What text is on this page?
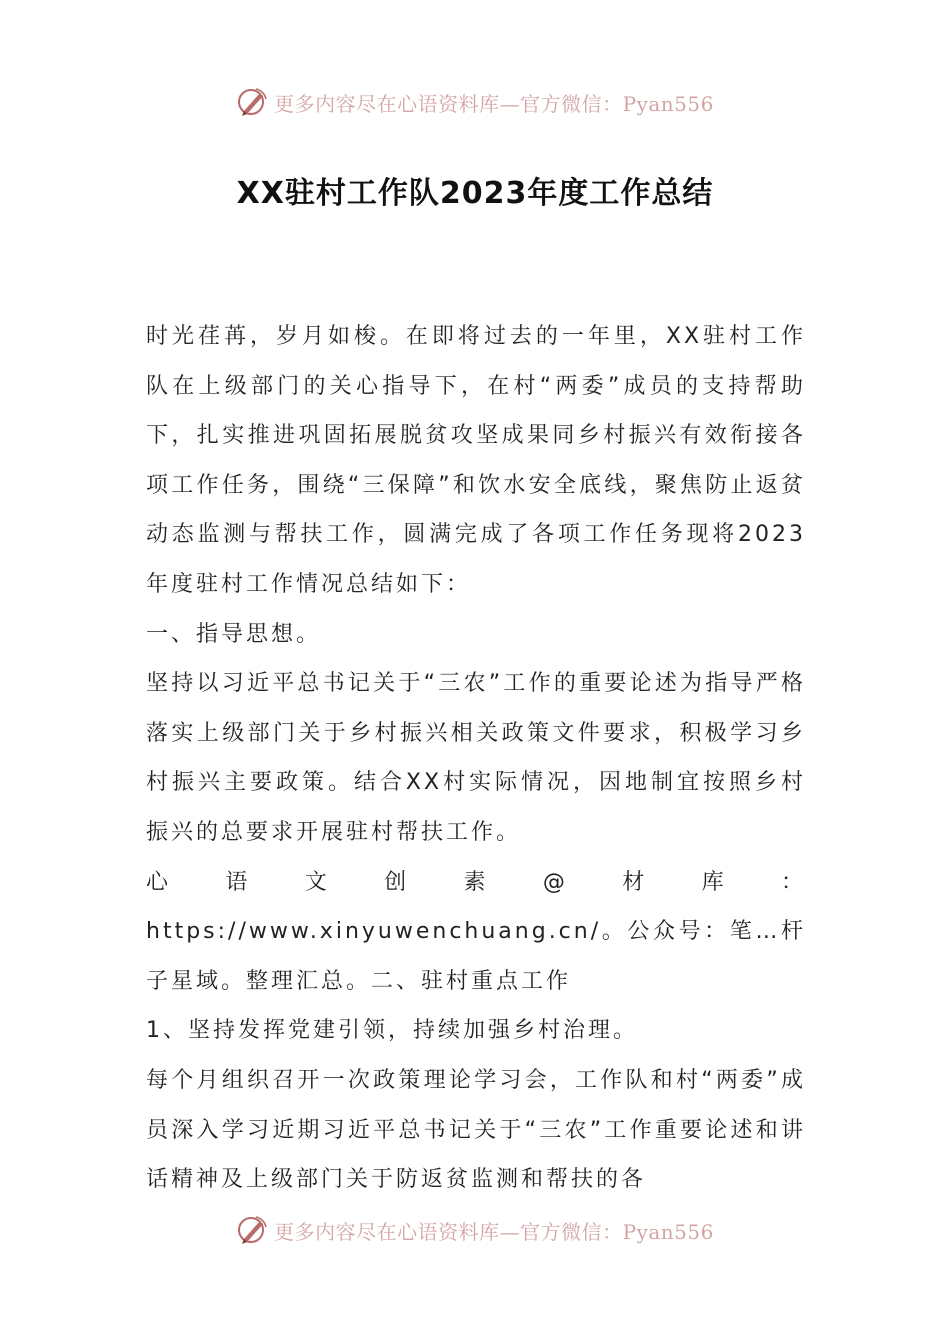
更多内容尽在心语资料库—官方微信：Pyan556
XX驻村工作队2023年度工作总结

时光荏苒，岁月如梭。在即将过去的一年里，XX驻村工作队在上级部门的关心指导下，在村“两委”成员的支持帮助下，扎实推进巩固拓展脱贫攻坚成果同乡村振兴有效衔接各项工作任务，围绕“三保障”和饮水安全底线，聚焦防止返贫动态监测与帮扶工作，圆满完成了各项工作任务现将2023年度驻村工作情况总结如下：

一、指导思想。

坚持以习近平总书记关于“三农”工作的重要论述为指导严格落实上级部门关于乡村振兴相关政策文件要求，积极学习乡村振兴主要政策。结合XX村实际情况，因地制宜按照乡村振兴的总要求开展驻村帮扶工作。

心语文创素@材库：https://www.xinyuwenchuang.cn/。公众号：笔…杆子星域。整理汇总。二、驻村重点工作

1、坚持发挥党建引领，持续加强乡村治理。

每个月组织召开一次政策理论学习会，工作队和村“两委”成员深入学习近期习近平总书记关于“三农”工作重要论述和讲话精神及上级部门关于防返贫监测和帮扶的各

更多内容尽在心语资料库—官方微信：Pyan556
